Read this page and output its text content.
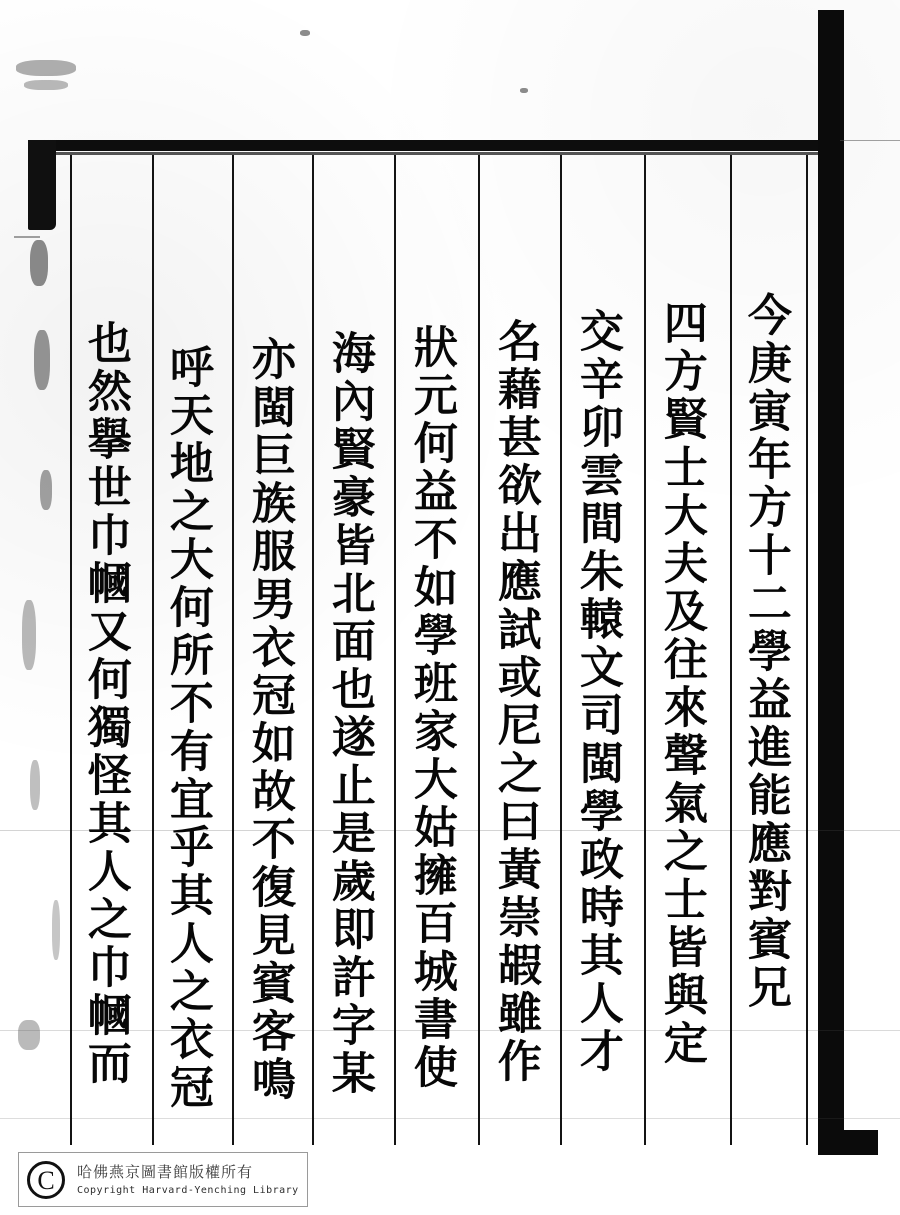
今庚寅年方十二學益進能應對賓兄
四方賢士大夫及往來聲氣之士皆與定
交辛卯雲間朱轅文司閩學政時其人才
名藉甚欲出應試或尼之曰黃崇嘏雖作
狀元何益不如學班家大姑擁百城書使
海內賢豪皆北面也遂止是歲即許字某
亦閩巨族服男衣冠如故不復見賓客鳴
呼天地之大何所不有宜乎其人之衣冠
也然擧世巾幗又何獨怪其人之巾幗而
C	哈佛燕京圖書館版權所有
Copyright Harvard-Yenching Library
